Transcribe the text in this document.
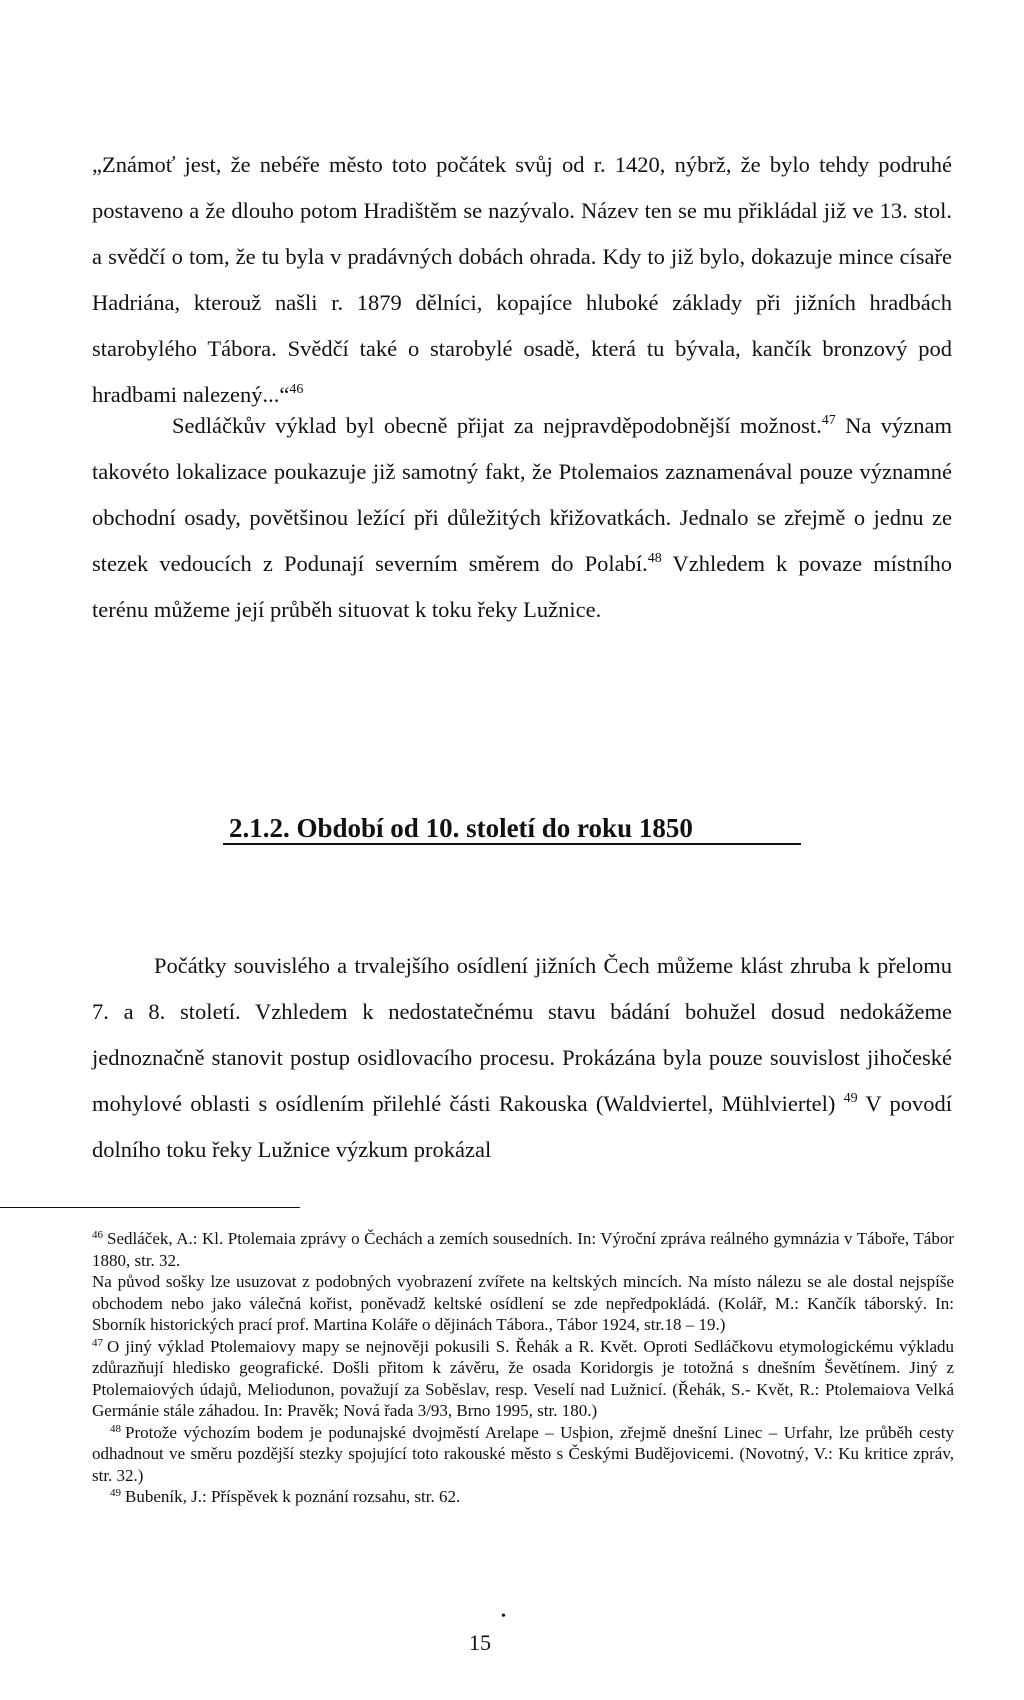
„Známoť jest, že nebéře město toto počátek svůj od r. 1420, nýbrž, že bylo tehdy podruhé postaveno a že dlouho potom Hradištěm se nazývalo. Název ten se mu přikládal již ve 13. stol. a svědčí o tom, že tu byla v pradávných dobách ohrada. Kdy to již bylo, dokazuje mince císaře Hadriána, kterouž našli r. 1879 dělníci, kopajíce hluboké základy při jižních hradbách starobylého Tábora. Svědčí také o starobylé osadě, která tu bývala, kančík bronzový pod hradbami nalezený...“$^{46}$

Sedláčkův výklad byl obecně přijat za nejpravděpodobnější možnost.$^{47}$ Na význam takovéto lokalizace poukazuje již samotný fakt, že Ptolemaios zaznamenával pouze významné obchodní osady, povětšinou ležící při důležitých křižovatkách. Jednalo se zřejmě o jednu ze stezek vedoucích z Podunají severním směrem do Polabí.$^{48}$ Vzhledem k povaze místního terénu můžeme její průběh situovat k toku řeky Lužnice.

2.1.2. Období od 10. století do roku 1850

Počátky souvislého a trvalejšího osídlení jižních Čech můžeme klást zhruba k přelomu 7. a 8. století. Vzhledem k nedostatečnému stavu bádání bohužel dosud nedokážeme jednoznačně stanovit postup osidlovacího procesu. Prokázána byla pouze souvislost jihočeské mohylové oblasti s osídlením přilehlé části Rakouska (Waldviertel, Mühlviertel) $^{49}$ V povodí dolního toku řeky Lužnice výzkum prokázal

$^{46}$ Sedláček, A.: Kl. Ptolemaia zprávy o Čechách a zemích sousedních. In: Výroční zpráva reálného gymnázia v Táboře, Tábor 1880, str. 32.

Na původ sošky lze usuzovat z podobných vyobrazení zvířete na keltských mincích. Na místo nálezu se ale dostal nejspíše obchodem nebo jako válečná kořist, poněvadž keltské osídlení se zde nepředpokládá. (Kolář, M.: Kančík táborský. In: Sborník historických prací prof. Martina Koláře o dějinách Tábora., Tábor 1924, str.18 – 19.)

$^{47}$ O jiný výklad Ptolemaiovy mapy se nejnověji pokusili S. Řehák a R. Květ. Oproti Sedláčkovu etymologickému výkladu zdůrazňují hledisko geografické. Došli přitom k závěru, že osada Koridorgis je totožná s dnešním Ševětínem. Jiný z Ptolemaiových údajů, Meliodunon, považují za Soběslav, resp. Veselí nad Lužnicí. (Řehák, S.- Květ, R.: Ptolemaiova Velká Germánie stále záhadou. In: Pravěk; Nová řada 3/93, Brno 1995, str. 180.)

$^{48}$ Protože výchozím bodem je podunajské dvojměstí Arelape – Usþion, zřejmě dnešní Linec – Urfahr, lze průběh cesty odhadnout ve směru pozdější stezky spojující toto rakouské město s Českými Budějovicemi. (Novotný, V.: Ku kritice zpráv, str. 32.)

$^{49}$ Bubeník, J.: Příspěvek k poznání rozsahu, str. 62.

•
15
